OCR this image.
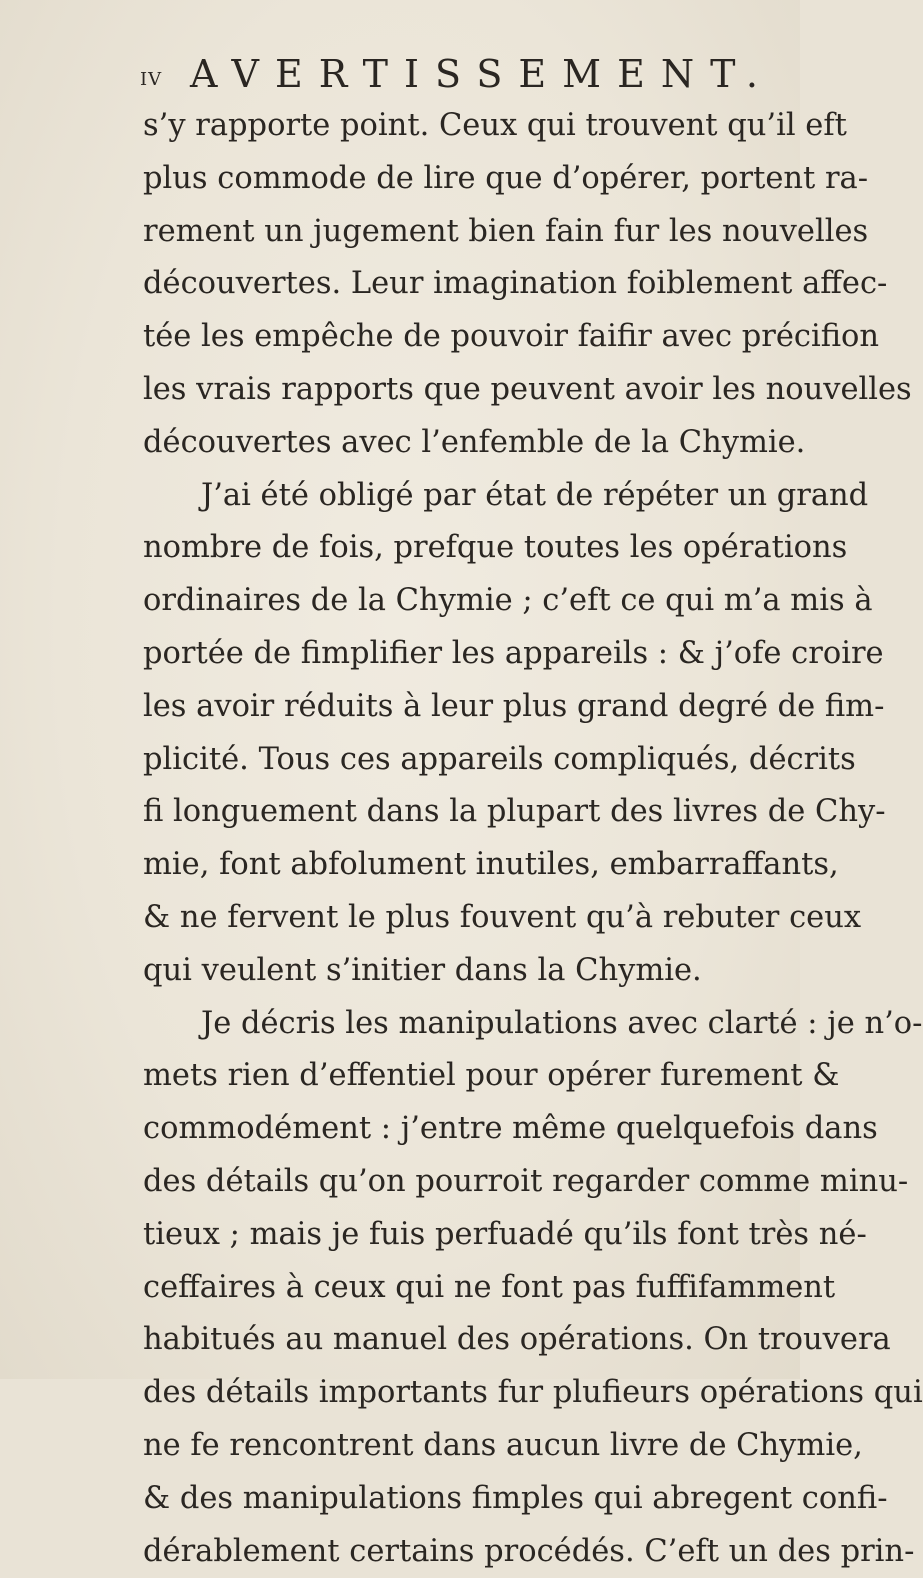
iv AVERTISSEMENT.
s’y rapporte point. Ceux qui trouvent qu’il eft
plus commode de lire que d’opérer, portent ra-
rement un jugement bien fain fur les nouvelles
découvertes. Leur imagination foiblement affec-
tée les empêche de pouvoir faifir avec précifion
les vrais rapports que peuvent avoir les nouvelles
découvertes avec l’enfemble de la Chymie.
J’ai été obligé par état de répéter un grand
nombre de fois, prefque toutes les opérations
ordinaires de la Chymie ; c’eft ce qui m’a mis à
portée de fimplifier les appareils : & j’ofe croire
les avoir réduits à leur plus grand degré de fim-
plicité. Tous ces appareils compliqués, décrits
fi longuement dans la plupart des livres de Chy-
mie, font abfolument inutiles, embarraffants,
& ne fervent le plus fouvent qu’à rebuter ceux
qui veulent s’initier dans la Chymie.
Je décris les manipulations avec clarté : je n’o-
mets rien d’effentiel pour opérer furement &
commodément : j’entre même quelquefois dans
des détails qu’on pourroit regarder comme minu-
tieux ; mais je fuis perfuadé qu’ils font très né-
ceffaires à ceux qui ne font pas fuffifamment
habitués au manuel des opérations. On trouvera
des détails importants fur plufieurs opérations qui
ne fe rencontrent dans aucun livre de Chymie,
& des manipulations fimples qui abregent confi-
dérablement certains procédés. C’eft un des prin-
